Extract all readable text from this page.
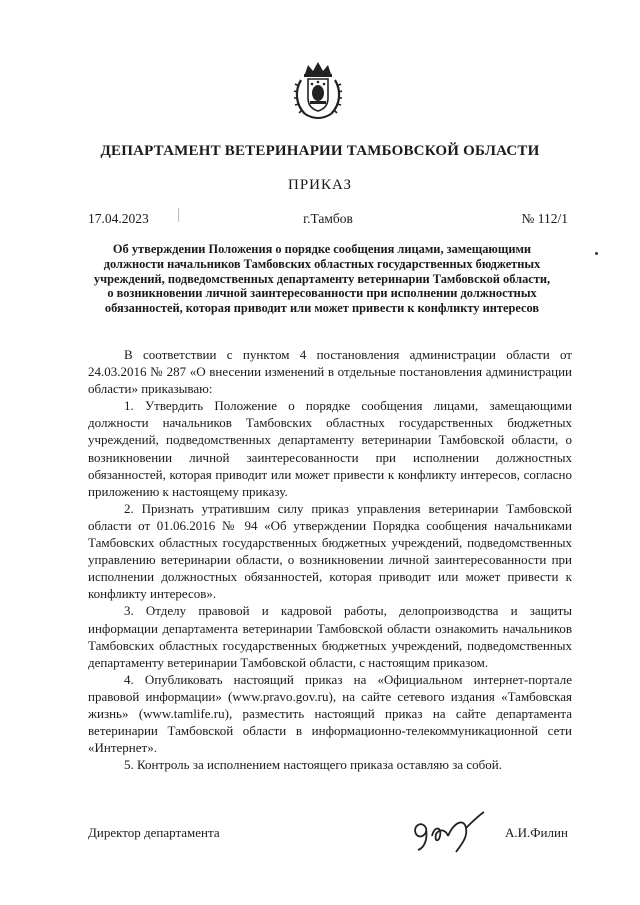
ДЕПАРТАМЕНТ ВЕТЕРИНАРИИ ТАМБОВСКОЙ ОБЛАСТИ
ПРИКАЗ
17.04.2023	г.Тамбов	№ 112/1
Об утверждении Положения о порядке сообщения лицами, замещающими должности начальников Тамбовских областных государственных бюджетных учреждений, подведомственных департаменту ветеринарии Тамбовской области, о возникновении личной заинтересованности при исполнении должностных обязанностей, которая приводит или может привести к конфликту интересов

В соответствии с пунктом 4 постановления администрации области от 24.03.2016 № 287 «О внесении изменений в отдельные постановления администрации области» приказываю:

1. Утвердить Положение о порядке сообщения лицами, замещающими должности начальников Тамбовских областных государственных бюджетных учреждений, подведомственных департаменту ветеринарии Тамбовской области, о возникновении личной заинтересованности при исполнении должностных обязанностей, которая приводит или может привести к конфликту интересов, согласно приложению к настоящему приказу.

2. Признать утратившим силу приказ управления ветеринарии Тамбовской области от 01.06.2016 № 94 «Об утверждении Порядка сообщения начальниками Тамбовских областных государственных бюджетных учреждений, подведомственных управлению ветеринарии области, о возникновении личной заинтересованности при исполнении должностных обязанностей, которая приводит или может привести к конфликту интересов».

3. Отделу правовой и кадровой работы, делопроизводства и защиты информации департамента ветеринарии Тамбовской области ознакомить начальников Тамбовских областных государственных бюджетных учреждений, подведомственных департаменту ветеринарии Тамбовской области, с настоящим приказом.

4. Опубликовать настоящий приказ на «Официальном интернет-портале правовой информации» (www.pravo.gov.ru), на сайте сетевого издания «Тамбовская жизнь» (www.tamlife.ru), разместить настоящий приказ на сайте департамента ветеринарии Тамбовской области в информационно-телекоммуникационной сети «Интернет».

5. Контроль за исполнением настоящего приказа оставляю за собой.

Директор департамента	А.И.Филин
